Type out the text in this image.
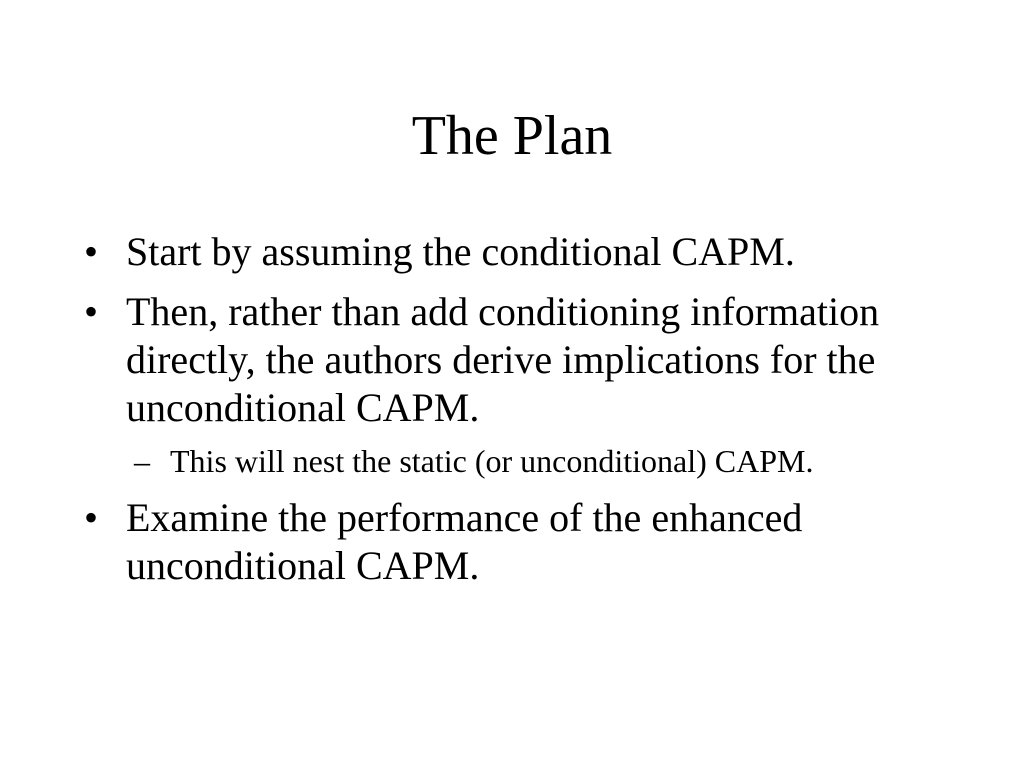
The Plan
• Start by assuming the conditional CAPM.
• Then, rather than add conditioning information directly, the authors derive implications for the unconditional CAPM.
– This will nest the static (or unconditional) CAPM.
• Examine the performance of the enhanced unconditional CAPM.
